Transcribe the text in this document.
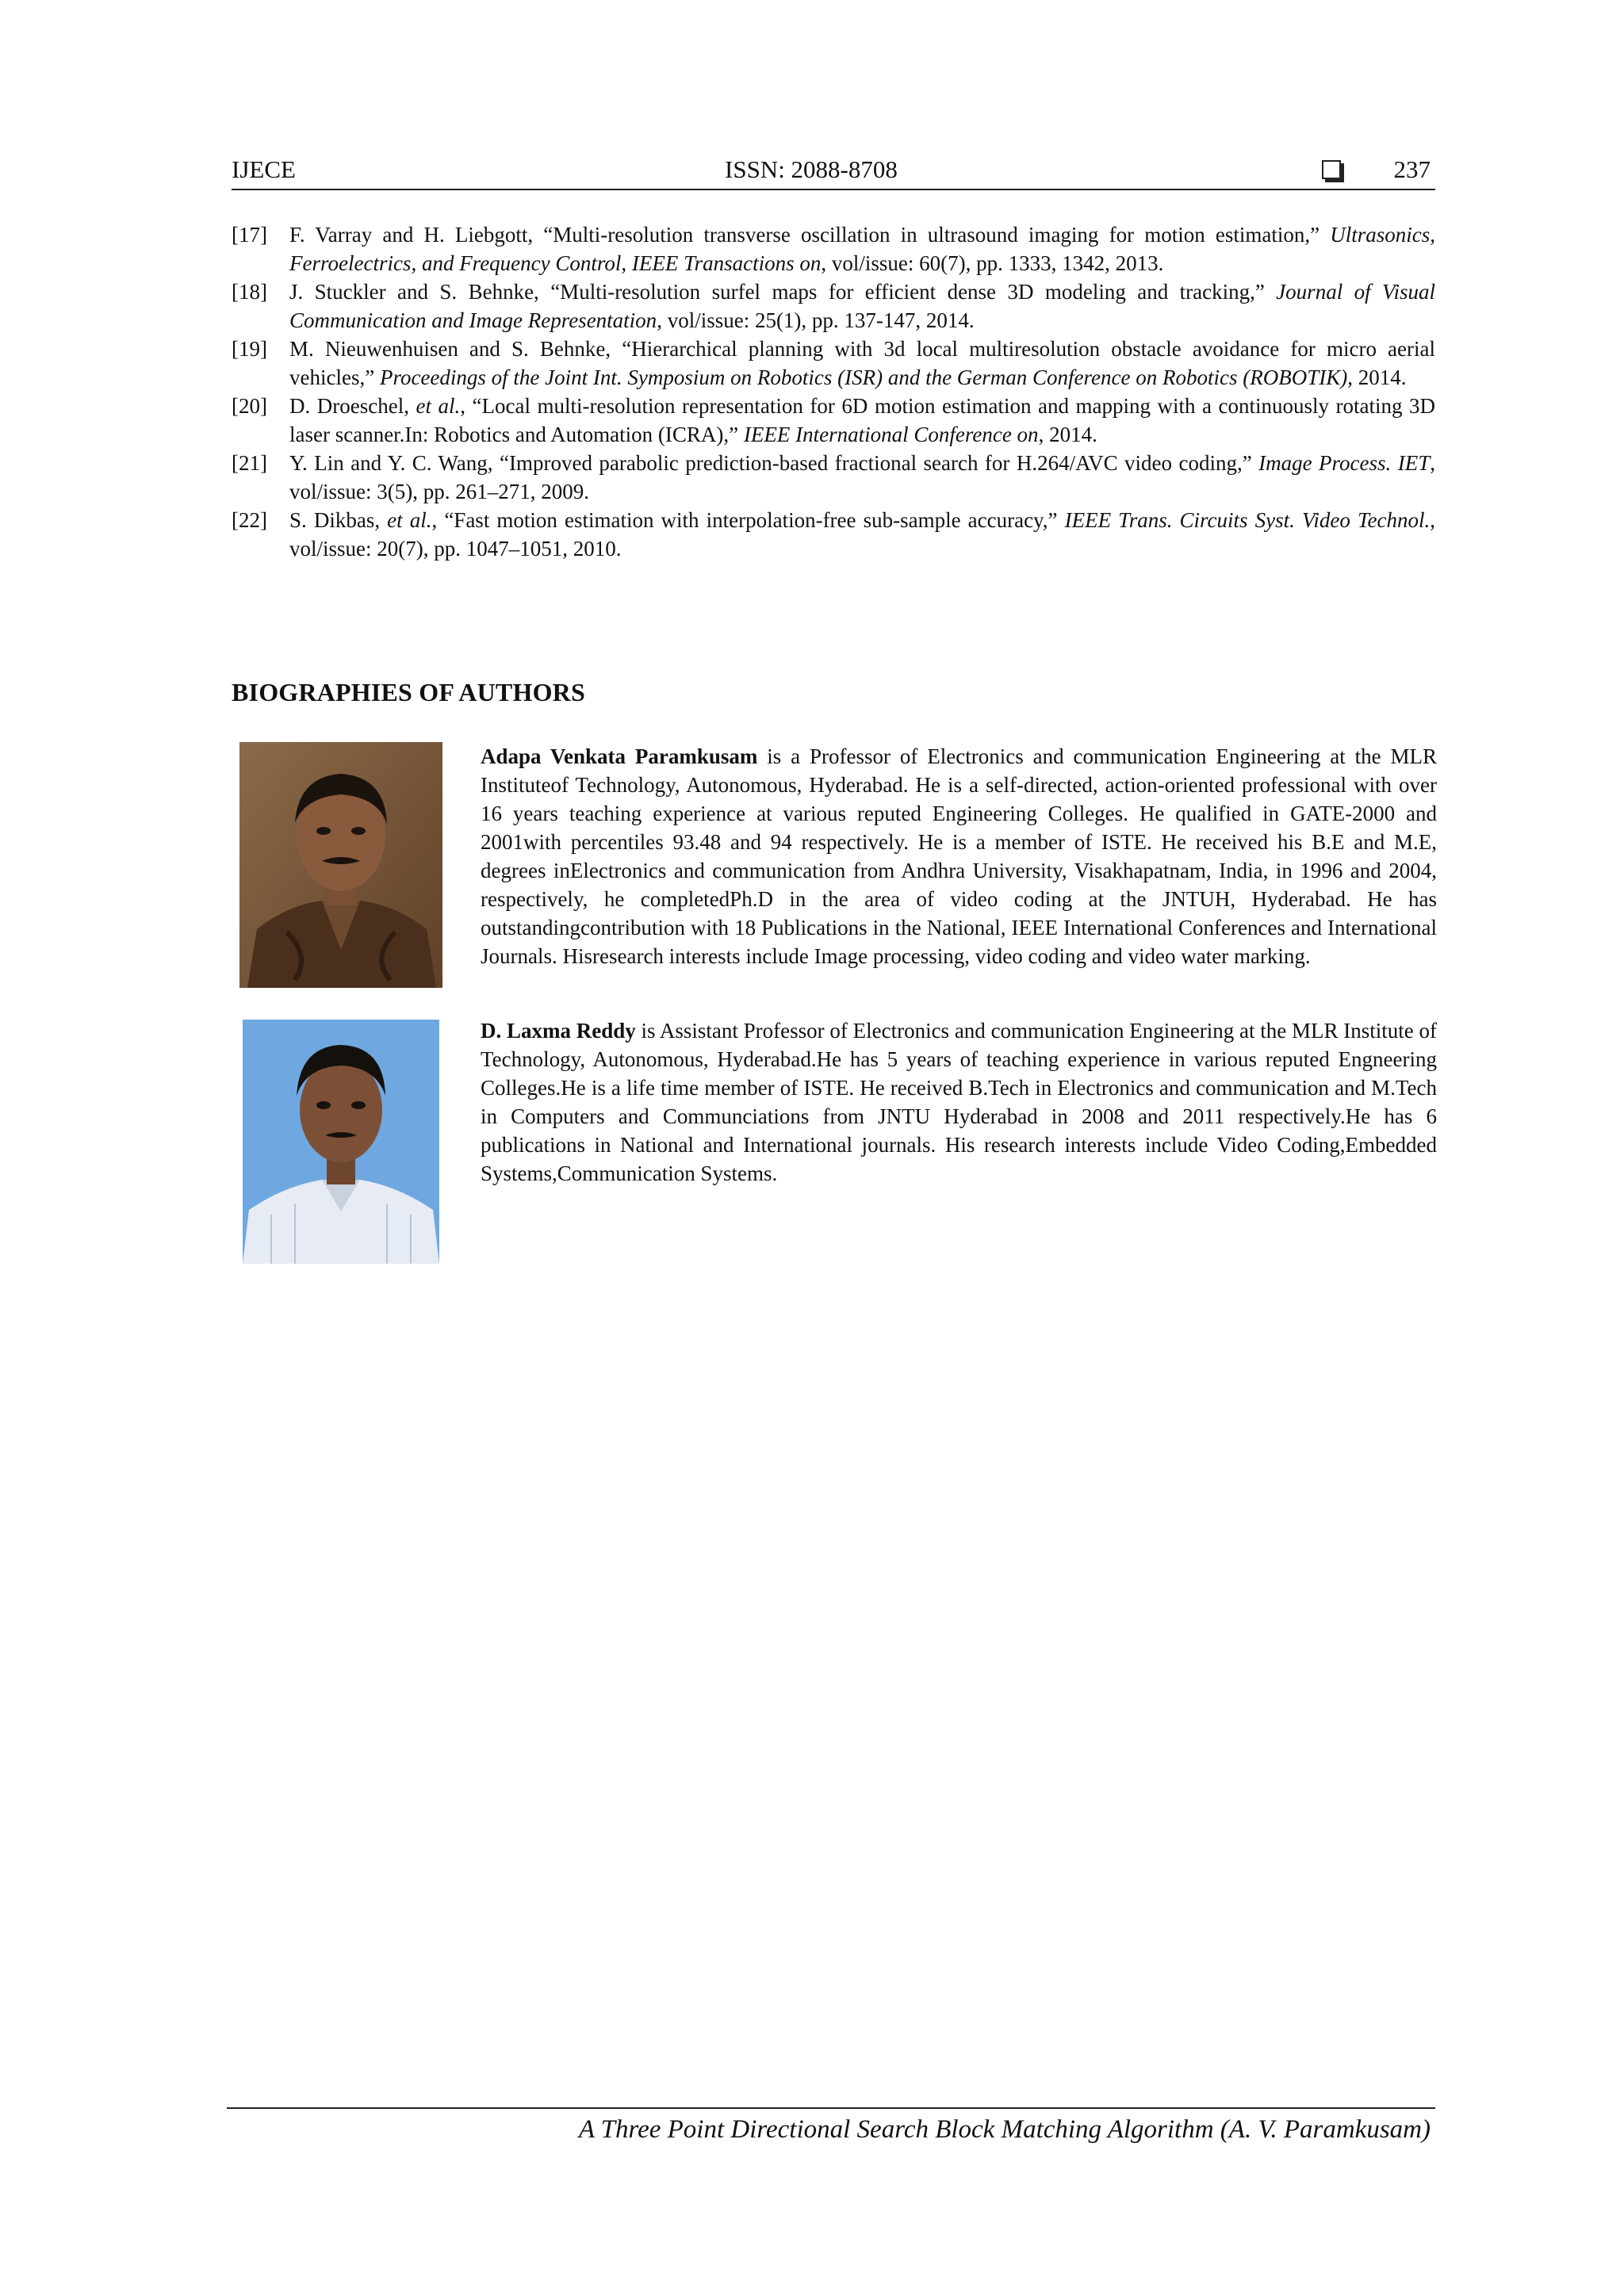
IJECE	ISSN: 2088-8708	237
[17] F. Varray and H. Liebgott, “Multi-resolution transverse oscillation in ultrasound imaging for motion estimation,” Ultrasonics, Ferroelectrics, and Frequency Control, IEEE Transactions on, vol/issue: 60(7), pp. 1333, 1342, 2013.
[18] J. Stuckler and S. Behnke, “Multi-resolution surfel maps for efficient dense 3D modeling and tracking,” Journal of Visual Communication and Image Representation, vol/issue: 25(1), pp. 137-147, 2014.
[19] M. Nieuwenhuisen and S. Behnke, “Hierarchical planning with 3d local multiresolution obstacle avoidance for micro aerial vehicles,” Proceedings of the Joint Int. Symposium on Robotics (ISR) and the German Conference on Robotics (ROBOTIK), 2014.
[20] D. Droeschel, et al., “Local multi-resolution representation for 6D motion estimation and mapping with a continuously rotating 3D laser scanner.In: Robotics and Automation (ICRA),” IEEE International Conference on, 2014.
[21] Y. Lin and Y. C. Wang, “Improved parabolic prediction-based fractional search for H.264/AVC video coding,” Image Process. IET, vol/issue: 3(5), pp. 261–271, 2009.
[22] S. Dikbas, et al., “Fast motion estimation with interpolation-free sub-sample accuracy,” IEEE Trans. Circuits Syst. Video Technol., vol/issue: 20(7), pp. 1047–1051, 2010.
BIOGRAPHIES OF AUTHORS
Adapa Venkata Paramkusam is a Professor of Electronics and communication Engineering at the MLR Instituteof Technology, Autonomous, Hyderabad. He is a self-directed, action-oriented professional with over 16 years teaching experience at various reputed Engineering Colleges. He qualified in GATE-2000 and 2001with percentiles 93.48 and 94 respectively. He is a member of ISTE. He received his B.E and M.E, degrees inElectronics and communication from Andhra University, Visakhapatnam, India, in 1996 and 2004, respectively, he completedPh.D in the area of video coding at the JNTUH, Hyderabad. He has outstandingcontribution with 18 Publications in the National, IEEE International Conferences and International Journals. Hisresearch interests include Image processing, video coding and video water marking.
D. Laxma Reddy is Assistant Professor of Electronics and communication Engineering at the MLR Institute of Technology, Autonomous, Hyderabad.He has 5 years of teaching experience in various reputed Engneering Colleges.He is a life time member of ISTE. He received B.Tech in Electronics and communication and M.Tech in Computers and Communciations from JNTU Hyderabad in 2008 and 2011 respectively.He has 6 publications in National and International journals. His research interests include Video Coding,Embedded Systems,Communication Systems.
A Three Point Directional Search Block Matching Algorithm (A. V. Paramkusam)
